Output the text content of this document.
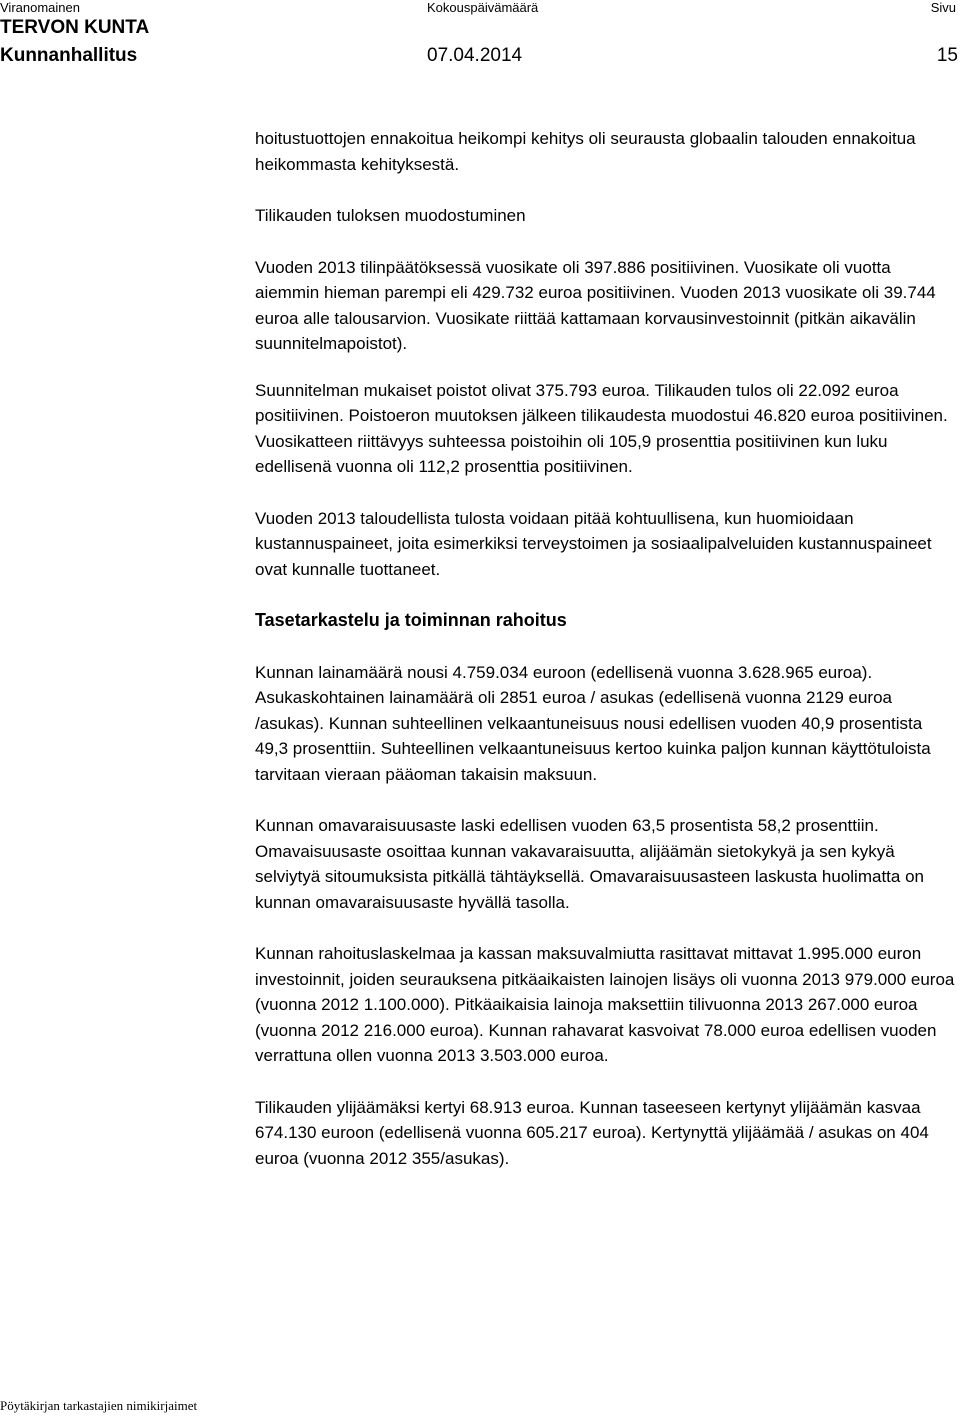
Viranomainen	Kokouspäivämäärä	Sivu
TERVON KUNTA
Kunnanhallitus	07.04.2014	15

hoitustuottojen ennakoitua heikompi kehitys oli seurausta globaalin talouden ennakoitua heikommasta kehityksestä.

Tilikauden tuloksen muodostuminen

Vuoden 2013 tilinpäätöksessä vuosikate oli 397.886 positiivinen. Vuosikate oli vuotta aiemmin hieman parempi eli 429.732 euroa positiivinen. Vuoden 2013 vuosikate oli 39.744 euroa alle talousarvion. Vuosikate riittää kattamaan korvausinvestoinnit (pitkän aikavälin suunnitelmapoistot).

Suunnitelman mukaiset poistot olivat 375.793 euroa. Tilikauden tulos oli 22.092 euroa positiivinen. Poistoeron muutoksen jälkeen tilikaudesta muodostui 46.820 euroa positiivinen. Vuosikatteen riittävyys suhteessa poistoihin oli 105,9 prosenttia positiivinen kun luku edellisenä vuonna oli 112,2 prosenttia positiivinen.

Vuoden 2013 taloudellista tulosta voidaan pitää kohtuullisena, kun huomioidaan kustannuspaineet, joita esimerkiksi terveystoimen ja sosiaalipalveluiden kustannuspaineet ovat kunnalle tuottaneet.

Tasetarkastelu ja toiminnan rahoitus

Kunnan lainamäärä nousi 4.759.034 euroon (edellisenä vuonna 3.628.965 euroa). Asukaskohtainen lainamäärä oli 2851 euroa / asukas (edellisenä vuonna 2129 euroa /asukas). Kunnan suhteellinen velkaantuneisuus nousi edellisen vuoden 40,9 prosentista 49,3 prosenttiin. Suhteellinen velkaantuneisuus kertoo kuinka paljon kunnan käyttötuloista tarvitaan vieraan pääoman takaisin maksuun.

Kunnan omavaraisuusaste laski edellisen vuoden 63,5 prosentista 58,2 prosenttiin. Omavaisuusaste osoittaa kunnan vakavaraisuutta, alijäämän sietokykyä ja sen kykyä selviytyä sitoumuksista pitkällä tähtäyksellä. Omavaraisuusasteen laskusta huolimatta on kunnan omavaraisuusaste hyvällä tasolla.

Kunnan rahoituslaskelmaa ja kassan maksuvalmiutta rasittavat mittavat 1.995.000 euron investoinnit, joiden seurauksena pitkäaikaisten lainojen lisäys oli vuonna 2013 979.000 euroa (vuonna 2012 1.100.000). Pitkäaikaisia lainoja maksettiin tilivuonna 2013 267.000 euroa (vuonna 2012 216.000 euroa). Kunnan rahavarat kasvoivat 78.000 euroa edellisen vuoden verrattuna ollen vuonna 2013 3.503.000 euroa.

Tilikauden ylijäämäksi kertyi 68.913 euroa. Kunnan taseeseen kertynyt ylijäämän kasvaa 674.130 euroon (edellisenä vuonna 605.217 euroa). Kertynyttä ylijäämää / asukas on 404 euroa (vuonna 2012 355/asukas).

Pöytäkirjan tarkastajien nimikirjaimet
